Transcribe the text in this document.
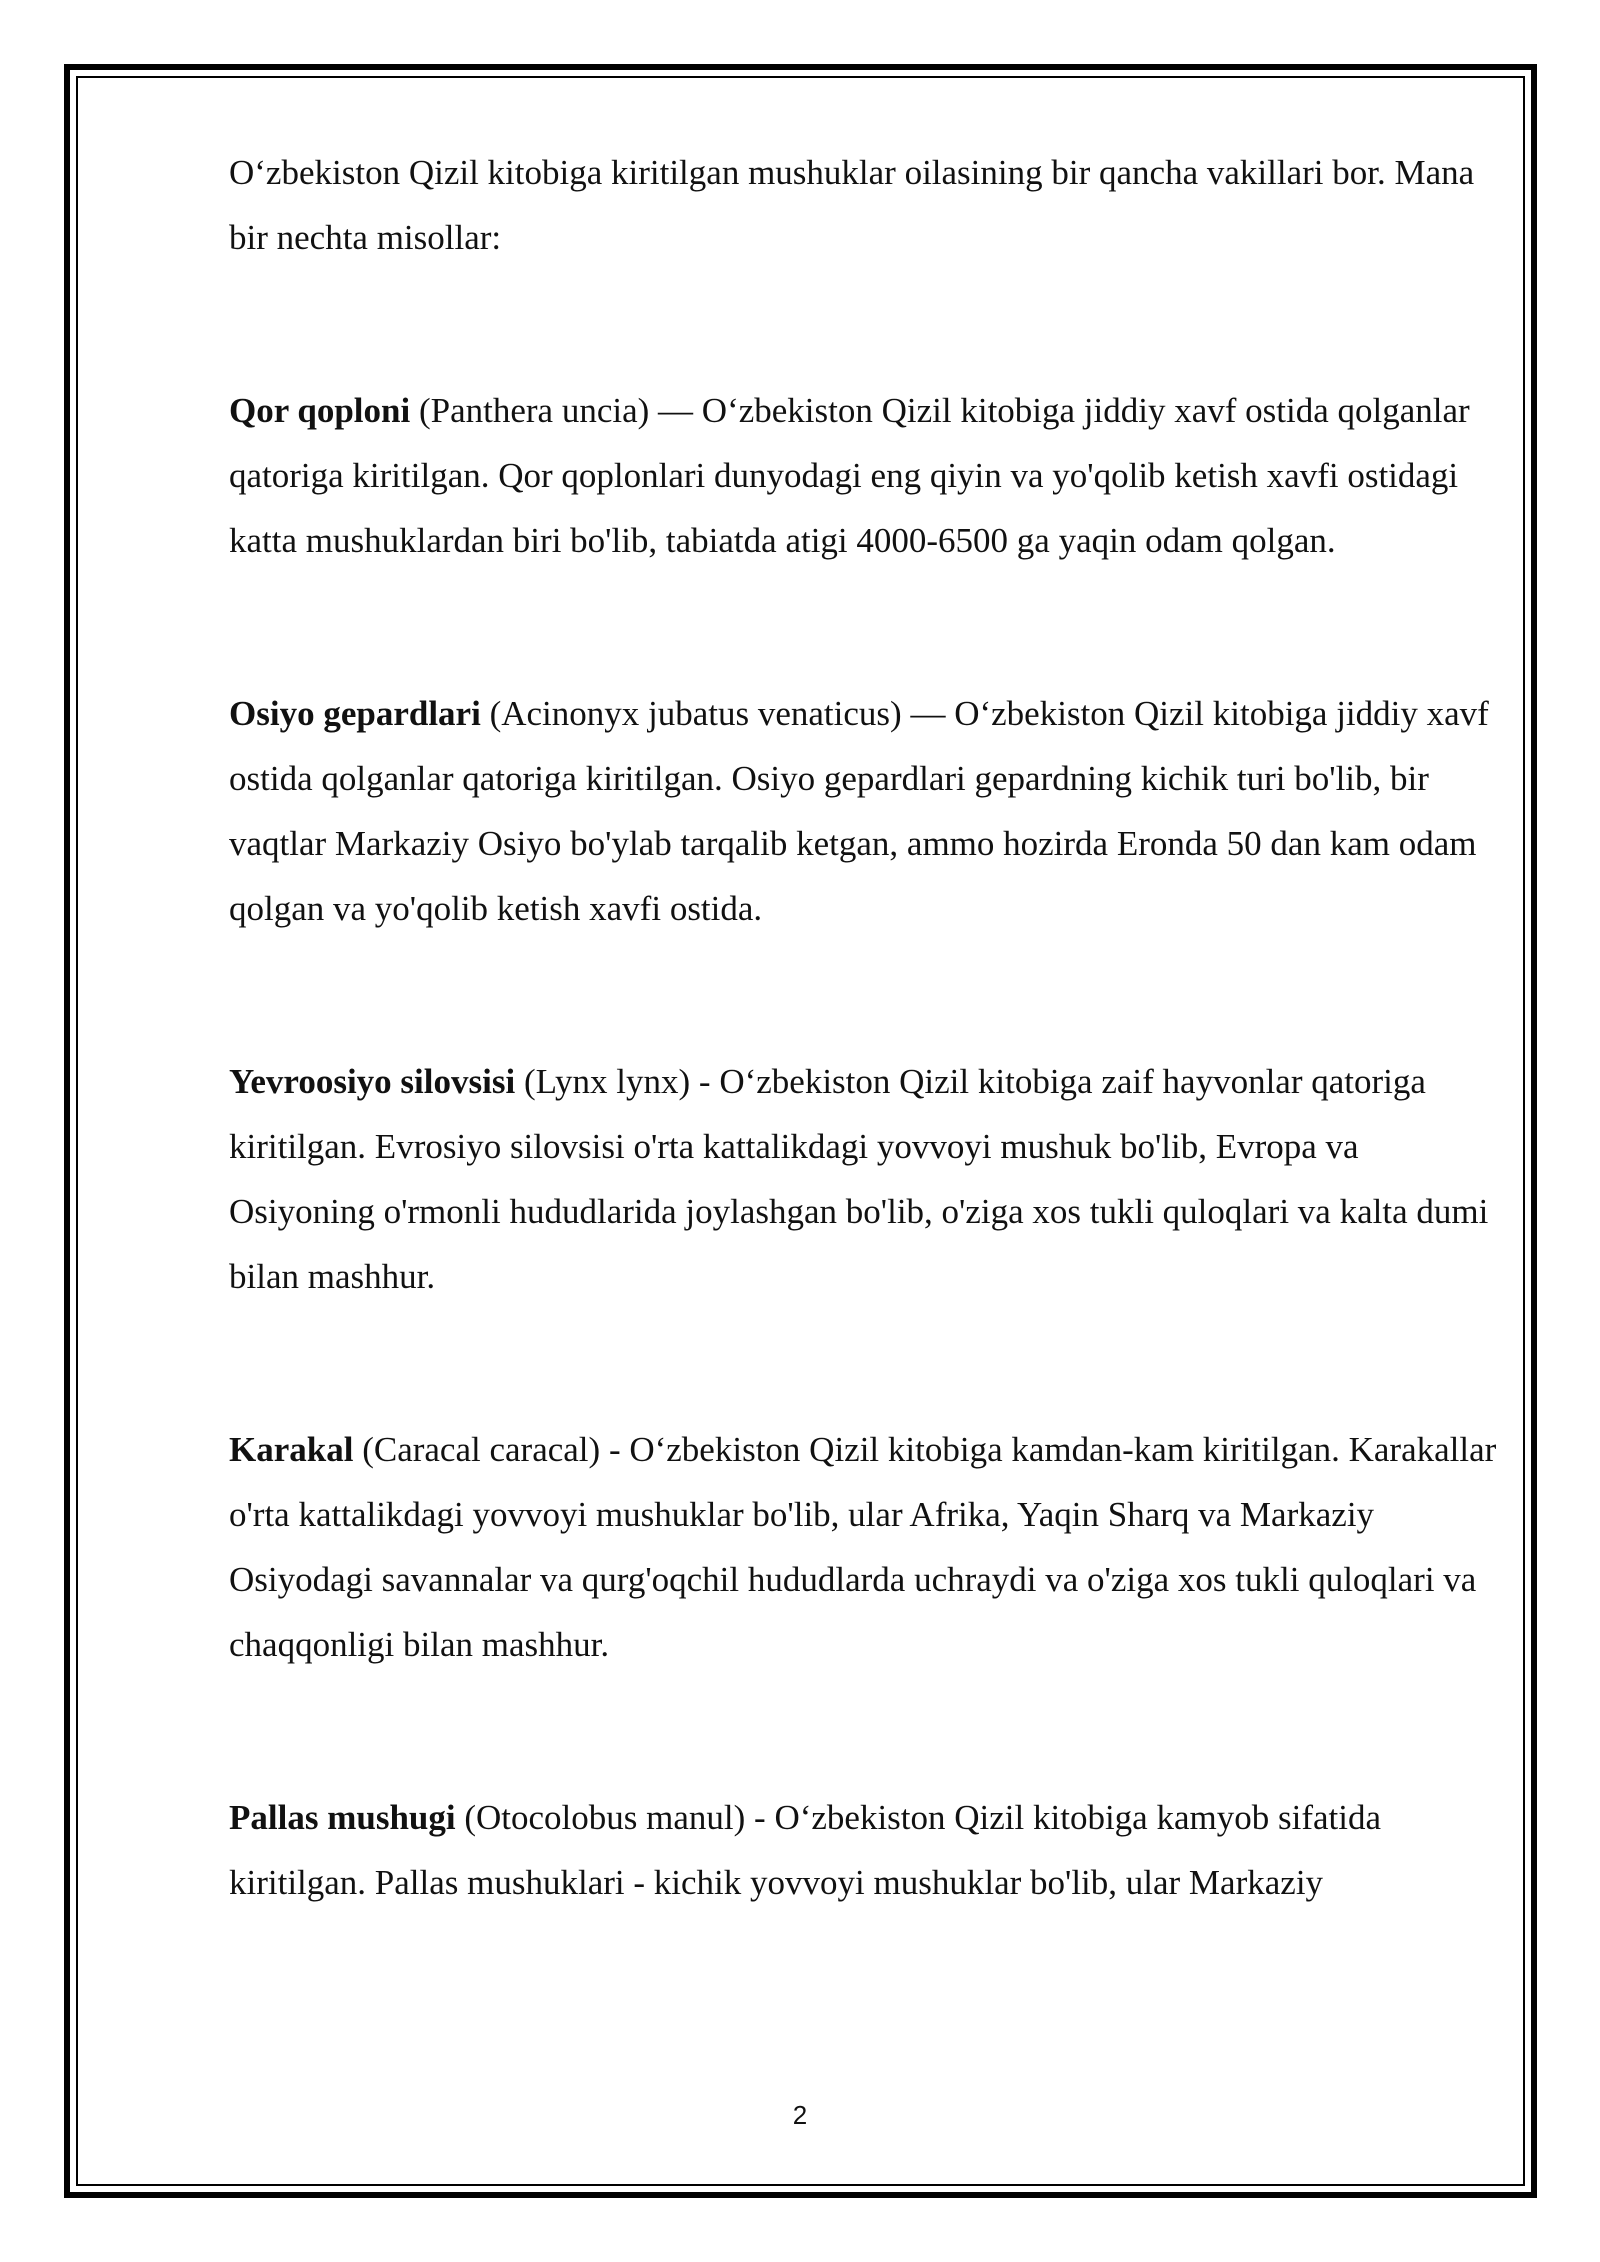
O‘zbekiston Qizil kitobiga kiritilgan mushuklar oilasining bir qancha vakillari bor. Mana bir nechta misollar:

Qor qoploni (Panthera uncia) — O‘zbekiston Qizil kitobiga jiddiy xavf ostida qolganlar qatoriga kiritilgan. Qor qoplonlari dunyodagi eng qiyin va yo'qolib ketish xavfi ostidagi katta mushuklardan biri bo'lib, tabiatda atigi 4000-6500 ga yaqin odam qolgan.

Osiyo gepardlari (Acinonyx jubatus venaticus) — O‘zbekiston Qizil kitobiga jiddiy xavf ostida qolganlar qatoriga kiritilgan. Osiyo gepardlari gepardning kichik turi bo'lib, bir vaqtlar Markaziy Osiyo bo'ylab tarqalib ketgan, ammo hozirda Eronda 50 dan kam odam qolgan va yo'qolib ketish xavfi ostida.

Yevroosiyo silovsisi (Lynx lynx) - O‘zbekiston Qizil kitobiga zaif hayvonlar qatoriga kiritilgan. Evrosiyo silovsisi o'rta kattalikdagi yovvoyi mushuk bo'lib, Evropa va Osiyoning o'rmonli hududlarida joylashgan bo'lib, o'ziga xos tukli quloqlari va kalta dumi bilan mashhur.

Karakal (Caracal caracal) - O‘zbekiston Qizil kitobiga kamdan-kam kiritilgan. Karakallar o'rta kattalikdagi yovvoyi mushuklar bo'lib, ular Afrika, Yaqin Sharq va Markaziy Osiyodagi savannalar va qurg'oqchil hududlarda uchraydi va o'ziga xos tukli quloqlari va chaqqonligi bilan mashhur.

Pallas mushugi (Otocolobus manul) - O‘zbekiston Qizil kitobiga kamyob sifatida kiritilgan. Pallas mushuklari - kichik yovvoyi mushuklar bo'lib, ular Markaziy

2
